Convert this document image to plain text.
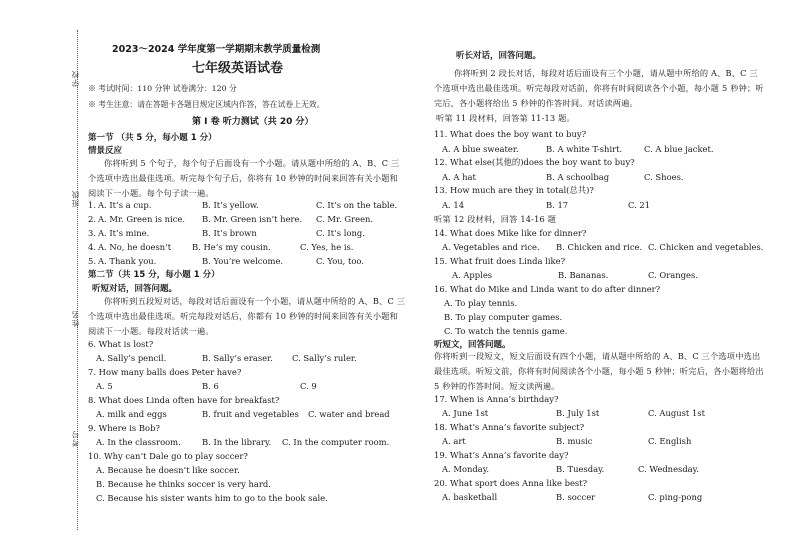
学校
班级
姓名
考号
2023～2024 学年度第一学期期末教学质量检测
七年级英语试卷
※ 考试时间：110 分钟 试卷满分：120 分
※ 考生注意：请在答题卡各题目规定区域内作答，答在试卷上无效。
第 Ⅰ 卷 听力测试（共 20 分）
第一节 （共 5 分，每小题 1 分）
情景反应
你将听到 5 个句子，每个句子后面设有一个小题。请从题中所给的 A、B、C 三个选项中选出最佳选项。听完每个句子后，你将有 10 秒钟的时间来回答有关小题和阅读下一小题。每个句子读一遍。
1. A. It’s a cup.	B. It’s yellow.	C. It’s on the table.
2. A. Mr. Green is nice. B. Mr. Green isn’t here. C. Mr. Green.
3. A. It’s mine.	B. It’s brown	C. It’s long.
4. A. No, he doesn’t B. He’s my cousin.	C. Yes, he is.
5. A. Thank you.	B. You’re welcome.	C. You, too.
第二节（共 15 分，每小题 1 分）
听短对话，回答问题。
你将听到五段短对话，每段对话后面设有一个小题，请从题中所给的 A、B、C 三个选项中选出最佳选项。听完每段对话后，你都有 10 秒钟的时间来回答有关小题和阅读下一小题。每段对话读一遍。
6. What is lost?
A. Sally’s pencil.	B. Sally’s eraser. C. Sally’s ruler.
7. How many balls does Peter have?
A. 5	B. 6	C. 9
8. What does Linda often have for breakfast?
A. milk and eggs	B. fruit and vegetables C. water and bread
9. Where is Bob?
A. In the classroom.	B. In the library. C. In the computer room.
10. Why can’t Dale go to play soccer?
A. Because he doesn’t like soccer.
B. Because he thinks soccer is very hard.
C. Because his sister wants him to go to the book sale.
听长对话，回答问题。
你将听到 2 段长对话，每段对话后面设有三个小题，请从题中所给的 A、B、C 三个选项中选出最佳选项。听完每段对话前，你将有时间阅读各个小题，每小题 5 秒钟；听完后，各小题将给出 5 秒钟的作答时间。对话读两遍。
听第 11 段材料，回答第 11-13 题。
11. What does the boy want to buy?
A. A blue sweater.	B. A white T-shirt.	C. A blue jacket.
12. What else(其他的)does the boy want to buy?
A. A hat	B. A schoolbag	C. Shoes.
13. How much are they in total(总共)?
A. 14	B. 17	C. 21
听第 12 段材料，回答 14-16 题
14. What does Mike like for dinner?
A. Vegetables and rice. B. Chicken and rice. C. Chicken and vegetables.
15. What fruit does Linda like?
A. Apples	B. Bananas.	C. Oranges.
16. What do Mike and Linda want to do after dinner?
A. To play tennis.
B. To play computer games.
C. To watch the tennis game.
听短文，回答问题。
你将听到一段短文，短文后面设有四个小题，请从题中所给的 A、B、C 三个选项中选出最佳选项。听短文前，你将有时间阅读各个小题，每小题 5 秒钟；听完后，各小题将给出 5 秒钟的作答时间。短文读两遍。
17. When is Anna’s birthday?
A. June 1st	B. July 1st	C. August 1st
18. What’s Anna’s favorite subject?
A. art	B. music	C. English
19. What’s Anna’s favorite day?
A. Monday.	B. Tuesday.	C. Wednesday.
20. What sport does Anna like best?
A. basketball	B. soccer	C. ping-pong
